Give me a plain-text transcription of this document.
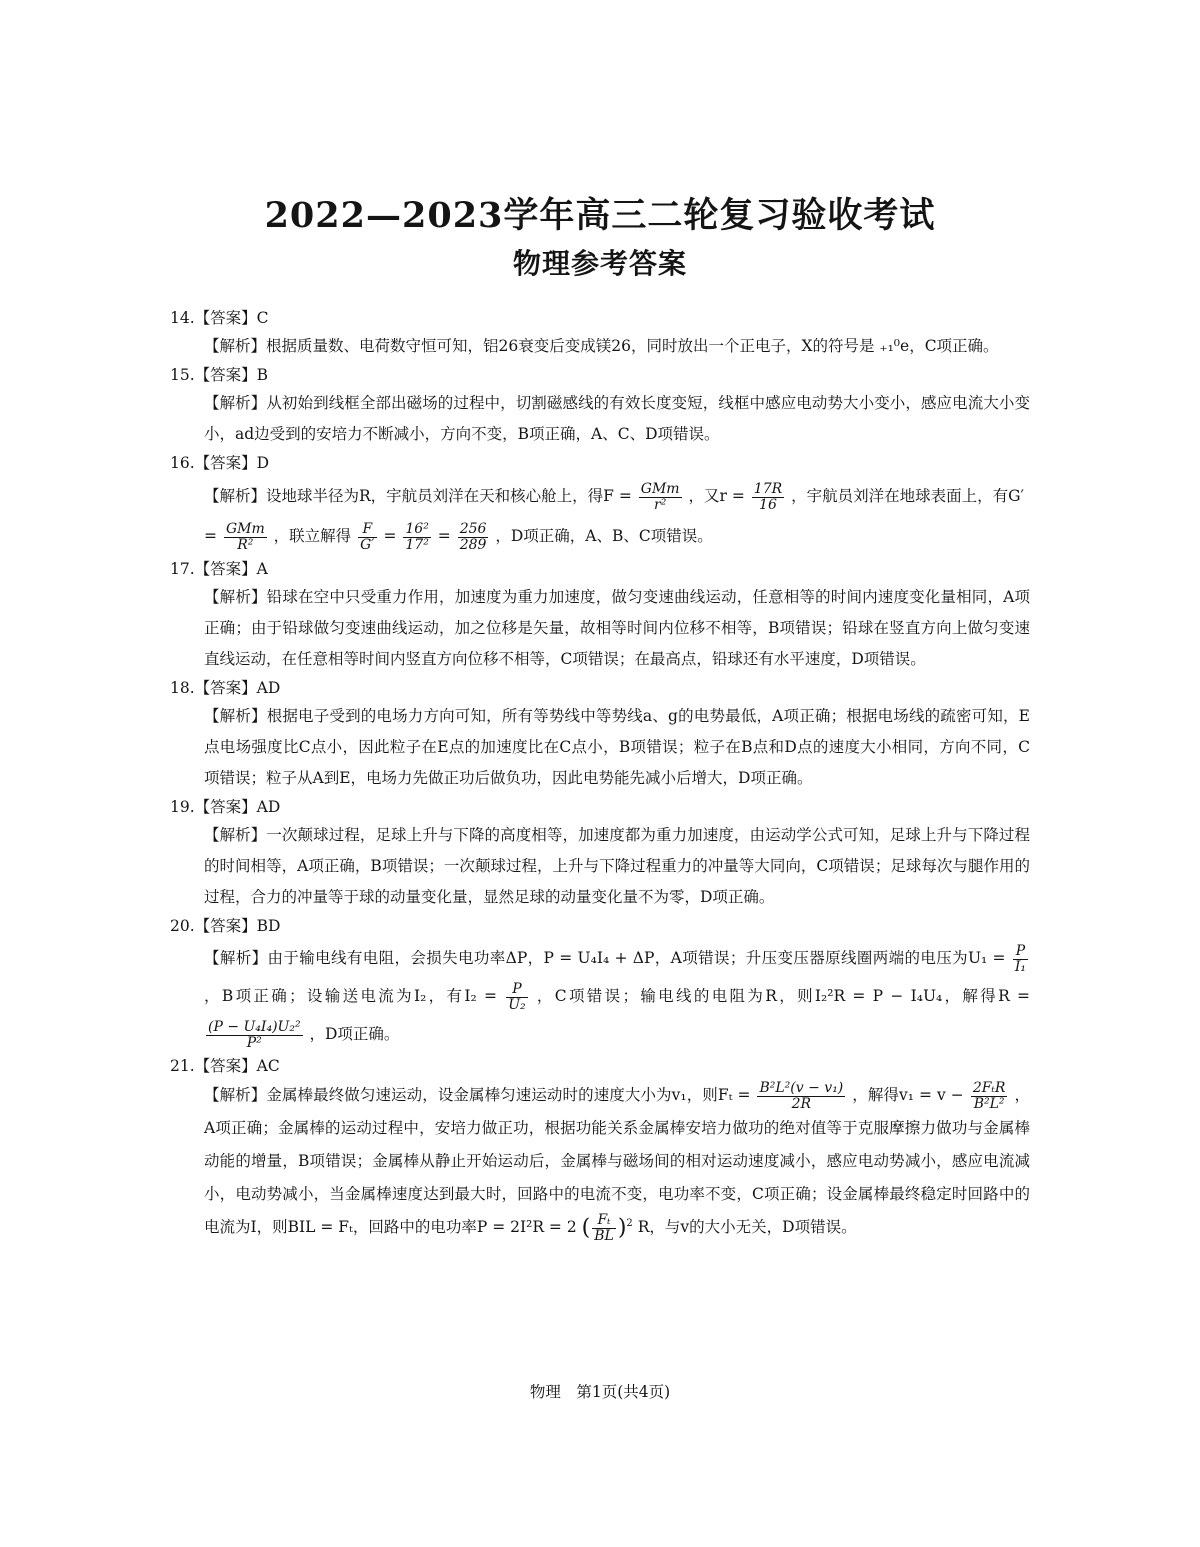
2022—2023学年高三二轮复习验收考试
物理参考答案
14.【答案】C
【解析】根据质量数、电荷数守恒可知，铝26衰变后变成镁26，同时放出一个正电子，X的符号是 ₊₁⁰e，C项正确。
15.【答案】B
【解析】从初始到线框全部出磁场的过程中，切割磁感线的有效长度变短，线框中感应电动势大小变小，感应电流大小变小，ad边受到的安培力不断减小，方向不变，B项正确，A、C、D项错误。
16.【答案】D
【解析】设地球半径为R，宇航员刘洋在天和核心舱上，得$F = \frac{\text{GMm}}{\text{r²}}$ ，又$r = \frac{17R}{16}$ ，宇航员刘洋在地球表面上，有G′
= $\frac{\text{GMm}}{\text{R²}}$ ，联立解得 $\frac{F}{G'} = \frac{\text{16²}}{\text{17²}} = \frac{256}{289}$ ，D项正确，A、B、C项错误。
17.【答案】A
【解析】铅球在空中只受重力作用，加速度为重力加速度，做匀变速曲线运动，任意相等的时间内速度变化量相同，A项正确；由于铅球做匀变速曲线运动，加之位移是矢量，故相等时间内位移不相等，B项错误；铅球在竖直方向上做匀变速直线运动，在任意相等时间内竖直方向位移不相等，C项错误；在最高点，铅球还有水平速度，D项错误。
18.【答案】AD
【解析】根据电子受到的电场力方向可知，所有等势线中等势线a、g的电势最低，A项正确；根据电场线的疏密可知，E点电场强度比C点小，因此粒子在E点的加速度比在C点小，B项错误；粒子在B点和D点的速度大小相同，方向不同，C项错误；粒子从A到E，电场力先做正功后做负功，因此电势能先减小后增大，D项正确。
19.【答案】AD
【解析】一次颠球过程，足球上升与下降的高度相等，加速度都为重力加速度，由运动学公式可知，足球上升与下降过程的时间相等，A项正确，B项错误；一次颠球过程，上升与下降过程重力的冲量等大同向，C项错误；足球每次与腿作用的过程，合力的冲量等于球的动量变化量，显然足球的动量变化量不为零，D项正确。
20.【答案】BD
【解析】由于输电线有电阻，会损失电功率ΔP，P = U₄I₄ + ΔP，A项错误；升压变压器原线圈两端的电压为$U_1 = \frac{P}{\text{I₁}}$
，B项正确；设输送电流为I₂，有$I_2 = \frac{P}{\text{U₂}}$ ，C项错误；输电线的电阻为R，则I₂²R = P − I₄U₄，解得R =
$\frac{\text{(P − U₄I₄)U₂²}}{\text{P²}}$ ，D项正确。
21.【答案】AC
【解析】金属棒最终做匀速运动，设金属棒匀速运动时的速度大小为v₁，则$F_t = \frac{\text{B²L²(v − v₁)}}{2R}$ ，解得$v_1 = v - \frac{\text{2FₜR}}{\text{B²L²}}$ ，A项正确；金属棒的运动过程中，安培力做正功，根据功能关系金属棒安培力做功的绝对值等于克服摩擦力做功与金属棒动能的增量，B项错误；金属棒从静止开始运动后，金属棒与磁场间的相对运动速度减小，感应电动势减小，感应电流减小，电动势减小，当金属棒速度达到最大时，回路中的电流不变，电功率不变，C项正确；设金属棒最终稳定时回路中的电流为I，则BIL = Fₜ，回路中的电功率P = 2I²R = 2 ( $\frac{\text{Fₜ}}{BL} )^2$ R，与v的大小无关，D项错误。
物理　第1页(共4页)
